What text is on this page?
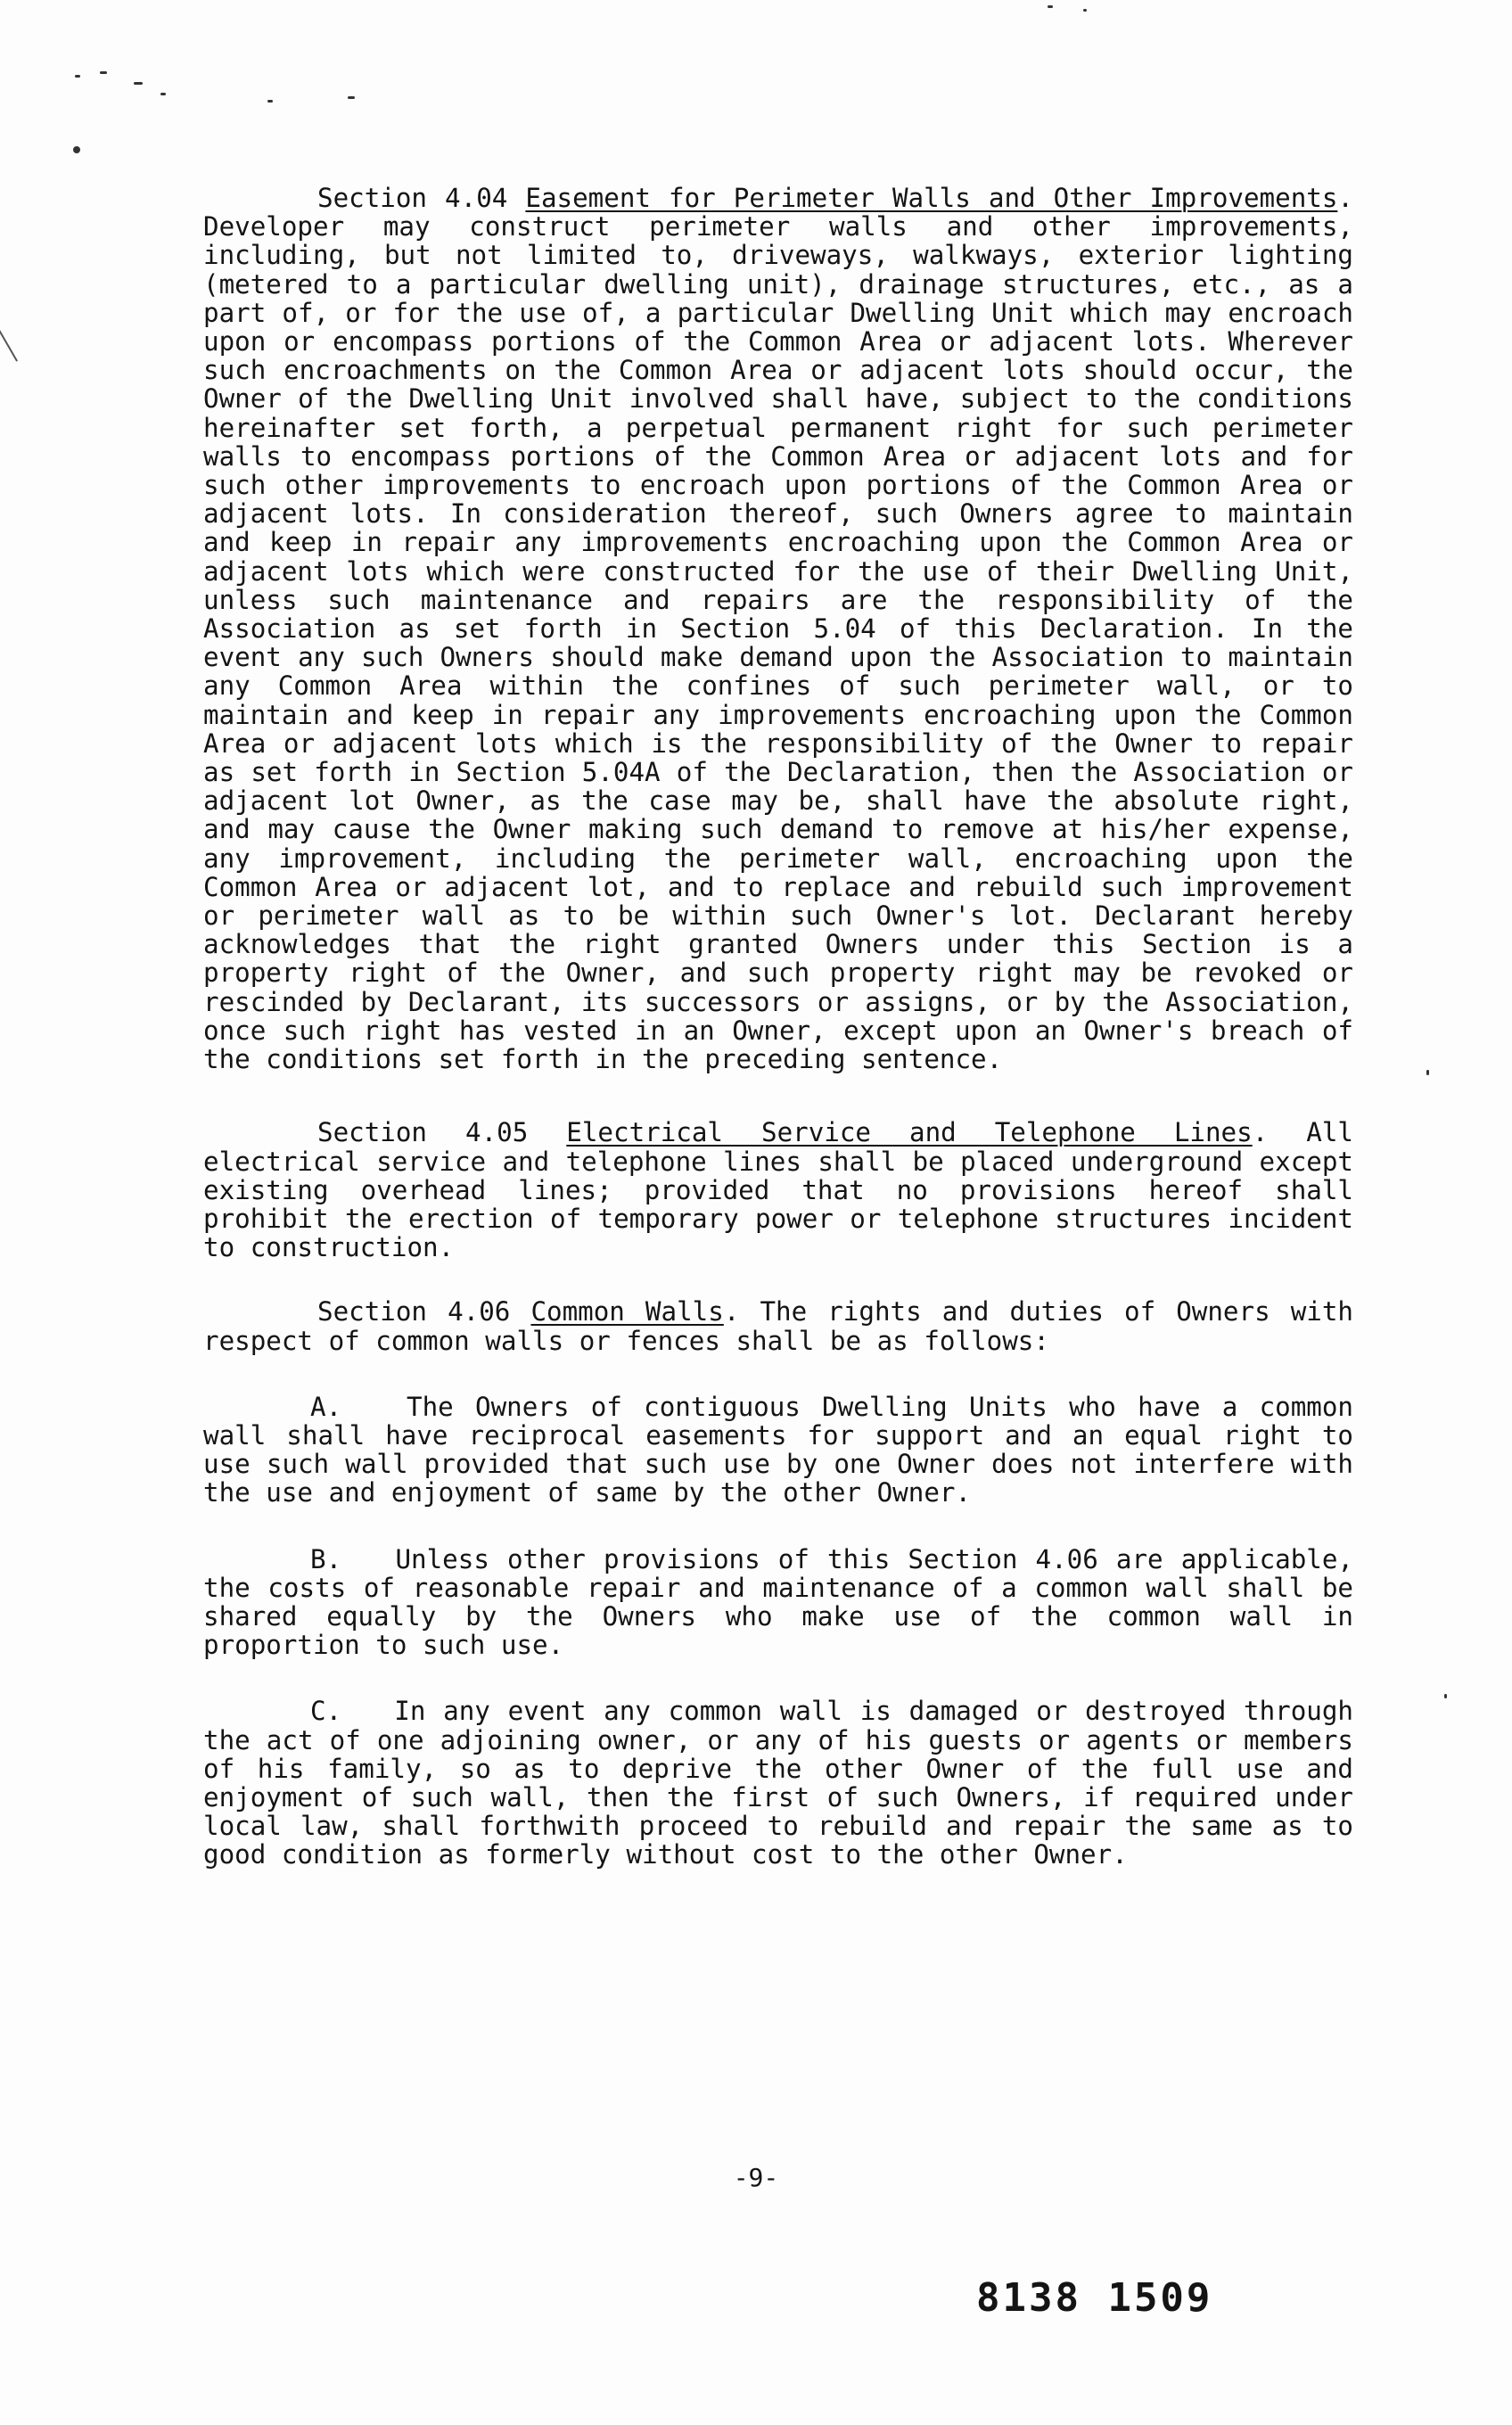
Section 4.04 Easement for Perimeter Walls and Other Improvements. Developer may construct perimeter walls and other improvements, including, but not limited to, driveways, walkways, exterior lighting (metered to a particular dwelling unit), drainage structures, etc., as a part of, or for the use of, a particular Dwelling Unit which may encroach upon or encompass portions of the Common Area or adjacent lots. Wherever such encroachments on the Common Area or adjacent lots should occur, the Owner of the Dwelling Unit involved shall have, subject to the conditions hereinafter set forth, a perpetual permanent right for such perimeter walls to encompass portions of the Common Area or adjacent lots and for such other improvements to encroach upon portions of the Common Area or adjacent lots. In consideration thereof, such Owners agree to maintain and keep in repair any improvements encroaching upon the Common Area or adjacent lots which were constructed for the use of their Dwelling Unit, unless such maintenance and repairs are the responsibility of the Association as set forth in Section 5.04 of this Declaration. In the event any such Owners should make demand upon the Association to maintain any Common Area within the confines of such perimeter wall, or to maintain and keep in repair any improvements encroaching upon the Common Area or adjacent lots which is the responsibility of the Owner to repair as set forth in Section 5.04A of the Declaration, then the Association or adjacent lot Owner, as the case may be, shall have the absolute right, and may cause the Owner making such demand to remove at his/her expense, any improvement, including the perimeter wall, encroaching upon the Common Area or adjacent lot, and to replace and rebuild such improvement or perimeter wall as to be within such Owner's lot. Declarant hereby acknowledges that the right granted Owners under this Section is a property right of the Owner, and such property right may be revoked or rescinded by Declarant, its successors or assigns, or by the Association, once such right has vested in an Owner, except upon an Owner's breach of the conditions set forth in the preceding sentence.

Section 4.05 Electrical Service and Telephone Lines. All electrical service and telephone lines shall be placed underground except existing overhead lines; provided that no provisions hereof shall prohibit the erection of temporary power or telephone structures incident to construction.

Section 4.06 Common Walls. The rights and duties of Owners with respect of common walls or fences shall be as follows:

A. The Owners of contiguous Dwelling Units who have a common wall shall have reciprocal easements for support and an equal right to use such wall provided that such use by one Owner does not interfere with the use and enjoyment of same by the other Owner.

B. Unless other provisions of this Section 4.06 are applicable, the costs of reasonable repair and maintenance of a common wall shall be shared equally by the Owners who make use of the common wall in proportion to such use.

C. In any event any common wall is damaged or destroyed through the act of one adjoining owner, or any of his guests or agents or members of his family, so as to deprive the other Owner of the full use and enjoyment of such wall, then the first of such Owners, if required under local law, shall forthwith proceed to rebuild and repair the same as to good condition as formerly without cost to the other Owner.

-9-
8138 1509
